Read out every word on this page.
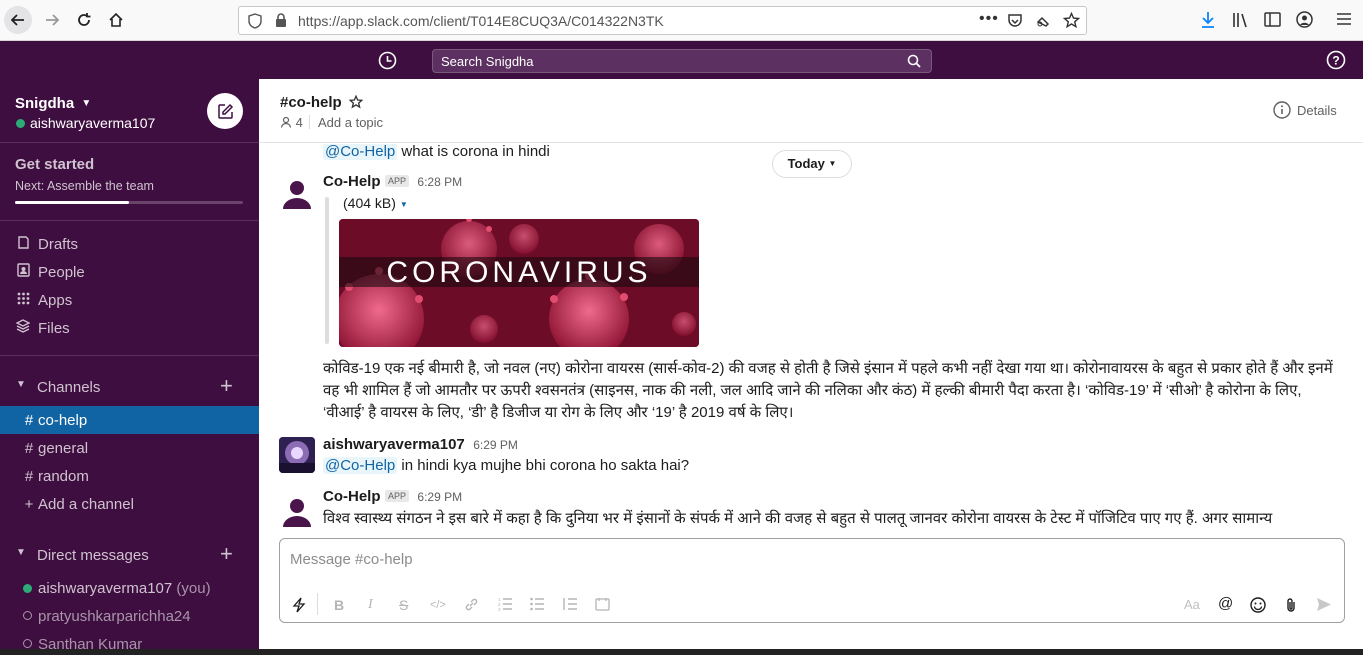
https://app.slack.com/client/T014E8CUQ3A/C014322N3TK	•••
Search Snigdha	?
Snigdha ▼
aishwaryaverma107
Get started
Next: Assemble the team
Drafts
People
Apps
Files
▼ Channels	+
# co-help
# general
# random
+ Add a channel
▼ Direct messages	+
aishwaryaverma107 (you)
pratyushkarparichha24
Santhan Kumar
#co-help
4 Add a topic
Details
Today ▼
@Co-Help what is corona in hindi
Co-Help APP 6:28 PM
(404 kB) ▼
CORONAVIRUS
कोविड-19 एक नई बीमारी है, जो नवल (नए) कोरोना वायरस (सार्स-कोव-2) की वजह से होती है जिसे इंसान में पहले कभी नहीं देखा गया था। कोरोनावायरस के बहुत से प्रकार होते हैं और इनमें वह भी शामिल हैं जो आमतौर पर ऊपरी श्वसनतंत्र (साइनस, नाक की नली, जल आदि जाने की नलिका और कंठ) में हल्की बीमारी पैदा करता है। ‘कोविड-19’ में ‘सीओ’ है कोरोना के लिए, ‘वीआई’ है वायरस के लिए, ‘डी’ है डिजीज या रोग के लिए और ‘19’ है 2019 वर्ष के लिए।
aishwaryaverma107 6:29 PM
@Co-Help in hindi kya mujhe bhi corona ho sakta hai?
Co-Help APP 6:29 PM
विश्व स्वास्थ्य संगठन ने इस बारे में कहा है कि दुनिया भर में इंसानों के संपर्क में आने की वजह से बहुत से पालतू जानवर कोरोना वायरस के टेस्ट में पॉजिटिव पाए गए हैं. अगर सामान्य
Message #co-help
B I S </>	1
2
3	Aa @
